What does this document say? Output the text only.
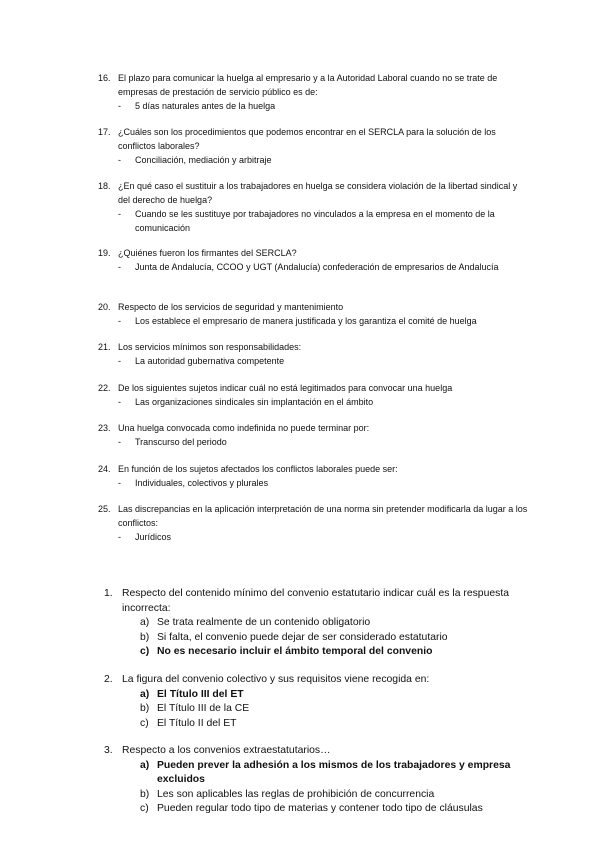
16. El plazo para comunicar la huelga al empresario y a la Autoridad Laboral cuando no se trate de empresas de prestación de servicio público es de:
-	5 días naturales antes de la huelga
17. ¿Cuáles son los procedimientos que podemos encontrar en el SERCLA para la solución de los conflictos laborales?
-	Conciliación, mediación y arbitraje
18. ¿En qué caso el sustituir a los trabajadores en huelga se considera violación de la libertad sindical y del derecho de huelga?
-	Cuando se les sustituye por trabajadores no vinculados a la empresa en el momento de la comunicación
19. ¿Quiénes fueron los firmantes del SERCLA?
-	Junta de Andalucía, CCOO y UGT (Andalucía) confederación de empresarios de Andalucía
20. Respecto de los servicios de seguridad y mantenimiento
-	Los establece el empresario de manera justificada y los garantiza el comité de huelga
21. Los servicios mínimos son responsabilidades:
-	La autoridad gubernativa competente
22. De los siguientes sujetos indicar cuál no está legitimados para convocar una huelga
-	Las organizaciones sindicales sin implantación en el ámbito
23. Una huelga convocada como indefinida no puede terminar por:
-	Transcurso del periodo
24. En función de los sujetos afectados los conflictos laborales puede ser:
-	Individuales, colectivos y plurales
25. Las discrepancias en la aplicación interpretación de una norma sin pretender modificarla da lugar a los conflictos:
-	Jurídicos
1. Respecto del contenido mínimo del convenio estatutario indicar cuál es la respuesta incorrecta:
a) Se trata realmente de un contenido obligatorio
b) Si falta, el convenio puede dejar de ser considerado estatutario
c) No es necesario incluir el ámbito temporal del convenio
2. La figura del convenio colectivo y sus requisitos viene recogida en:
a) El Título III del ET
b) El Título III de la CE
c) El Título II del ET
3. Respecto a los convenios extraestatutarios…
a) Pueden prever la adhesión a los mismos de los trabajadores y empresa excluidos
b) Les son aplicables las reglas de prohibición de concurrencia
c) Pueden regular todo tipo de materias y contener todo tipo de cláusulas
